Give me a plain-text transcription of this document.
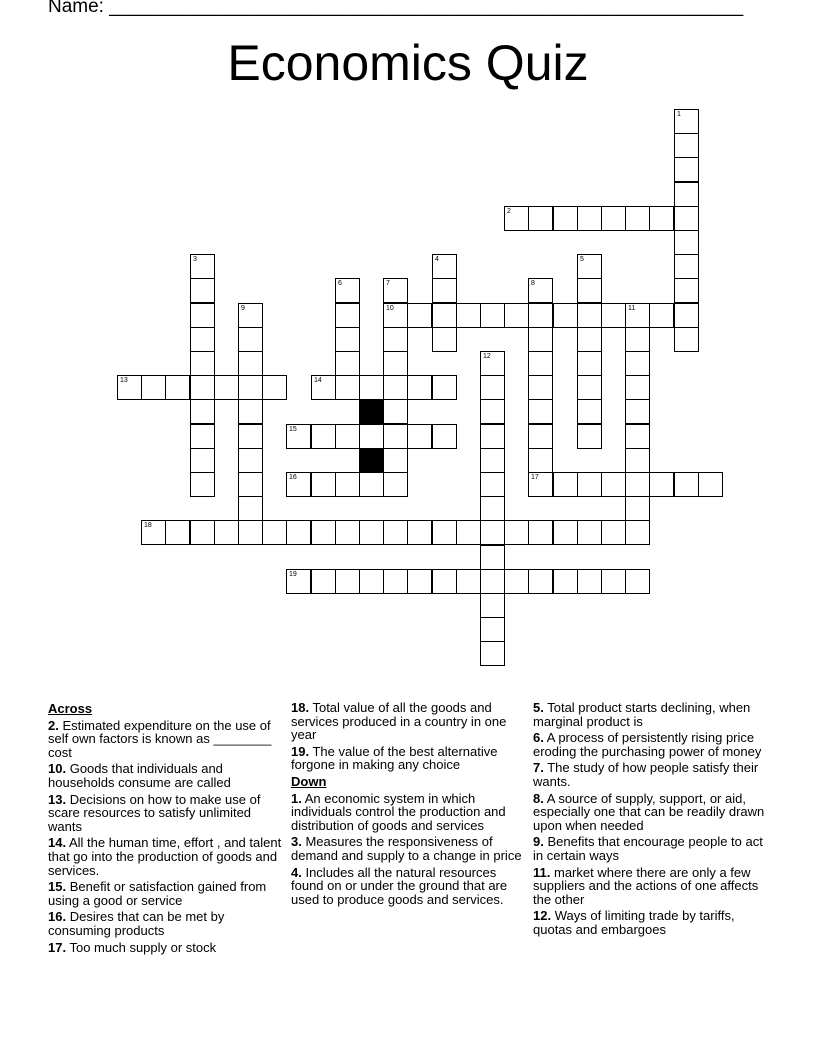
Name: ____________________________________________________________
Economics Quiz
1
2
3	4	5
6	7
10
8
9	11
12
13	14
15
16	17
18
19
Across
2. Estimated expenditure on the use of self own factors is known as ________ cost
10. Goods that individuals and households consume are called
13. Decisions on how to make use of scare resources to satisfy unlimited wants
14. All the human time, effort , and talent that go into the production of goods and services.
15. Benefit or satisfaction gained from using a good or service
16. Desires that can be met by consuming products
17. Too much supply or stock
18. Total value of all the goods and services produced in a country in one year
19. The value of the best alternative forgone in making any choice
Down
1. An economic system in which individuals control the production and distribution of goods and services
3. Measures the responsiveness of demand and supply to a change in price
4. Includes all the natural resources found on or under the ground that are used to produce goods and services.
5. Total product starts declining, when marginal product is
6. A process of persistently rising price eroding the purchasing power of money
7. The study of how people satisfy their wants.
8. A source of supply, support, or aid, especially one that can be readily drawn upon when needed
9. Benefits that encourage people to act in certain ways
11. market where there are only a few suppliers and the actions of one affects the other
12. Ways of limiting trade by tariffs, quotas and embargoes
